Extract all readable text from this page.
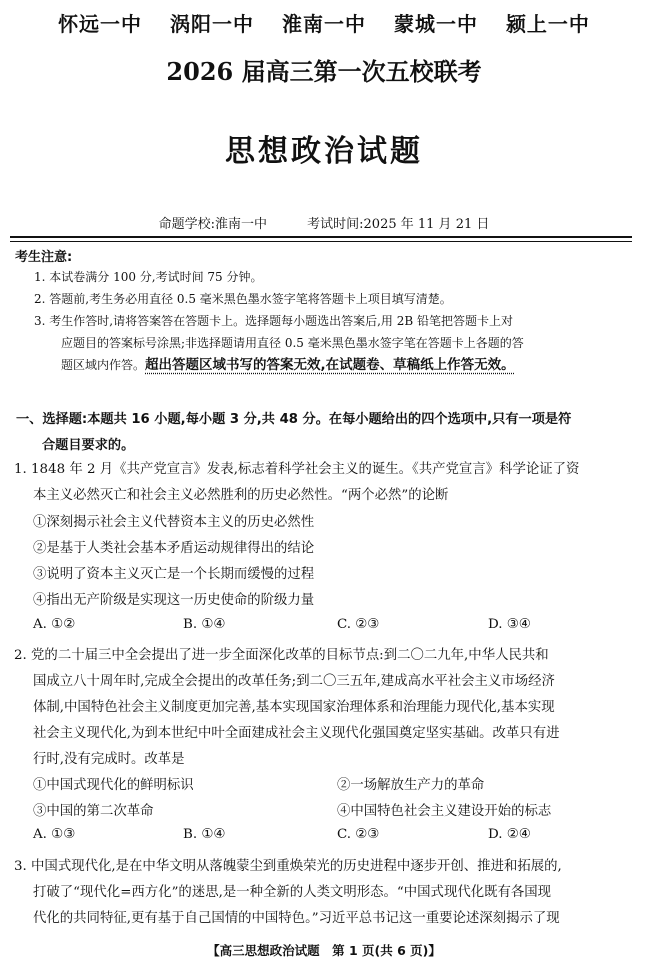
怀远一中 涡阳一中 淮南一中 蒙城一中 颍上一中
2026 届高三第一次五校联考
思想政治试题
命题学校:淮南一中	考试时间:2025 年 11 月 21 日
考生注意:
1. 本试卷满分 100 分,考试时间 75 分钟。
2. 答题前,考生务必用直径 0.5 毫米黑色墨水签字笔将答题卡上项目填写清楚。
3. 考生作答时,请将答案答在答题卡上。选择题每小题选出答案后,用 2B 铅笔把答题卡上对
应题目的答案标号涂黑;非选择题请用直径 0.5 毫米黑色墨水签字笔在答题卡上各题的答
题区域内作答。超出答题区域书写的答案无效,在试题卷、草稿纸上作答无效。
一、选择题:本题共 16 小题,每小题 3 分,共 48 分。在每小题给出的四个选项中,只有一项是符
合题目要求的。
1. 1848 年 2 月《共产党宣言》发表,标志着科学社会主义的诞生。《共产党宣言》科学论证了资
本主义必然灭亡和社会主义必然胜利的历史必然性。“两个必然”的论断
①深刻揭示社会主义代替资本主义的历史必然性
②是基于人类社会基本矛盾运动规律得出的结论
③说明了资本主义灭亡是一个长期而缓慢的过程
④指出无产阶级是实现这一历史使命的阶级力量
A. ①②	B. ①④	C. ②③	D. ③④
2. 党的二十届三中全会提出了进一步全面深化改革的目标节点:到二〇二九年,中华人民共和
国成立八十周年时,完成全会提出的改革任务;到二〇三五年,建成高水平社会主义市场经济
体制,中国特色社会主义制度更加完善,基本实现国家治理体系和治理能力现代化,基本实现
社会主义现代化,为到本世纪中叶全面建成社会主义现代化强国奠定坚实基础。改革只有进
行时,没有完成时。改革是
①中国式现代化的鲜明标识	②一场解放生产力的革命
③中国的第二次革命	④中国特色社会主义建设开始的标志
A. ①③	B. ①④	C. ②③	D. ②④
3. 中国式现代化,是在中华文明从落魄蒙尘到重焕荣光的历史进程中逐步开创、推进和拓展的,
打破了“现代化=西方化”的迷思,是一种全新的人类文明形态。“中国式现代化既有各国现
代化的共同特征,更有基于自己国情的中国特色。”习近平总书记这一重要论述深刻揭示了现
【高三思想政治试题　第 1 页(共 6 页)】
